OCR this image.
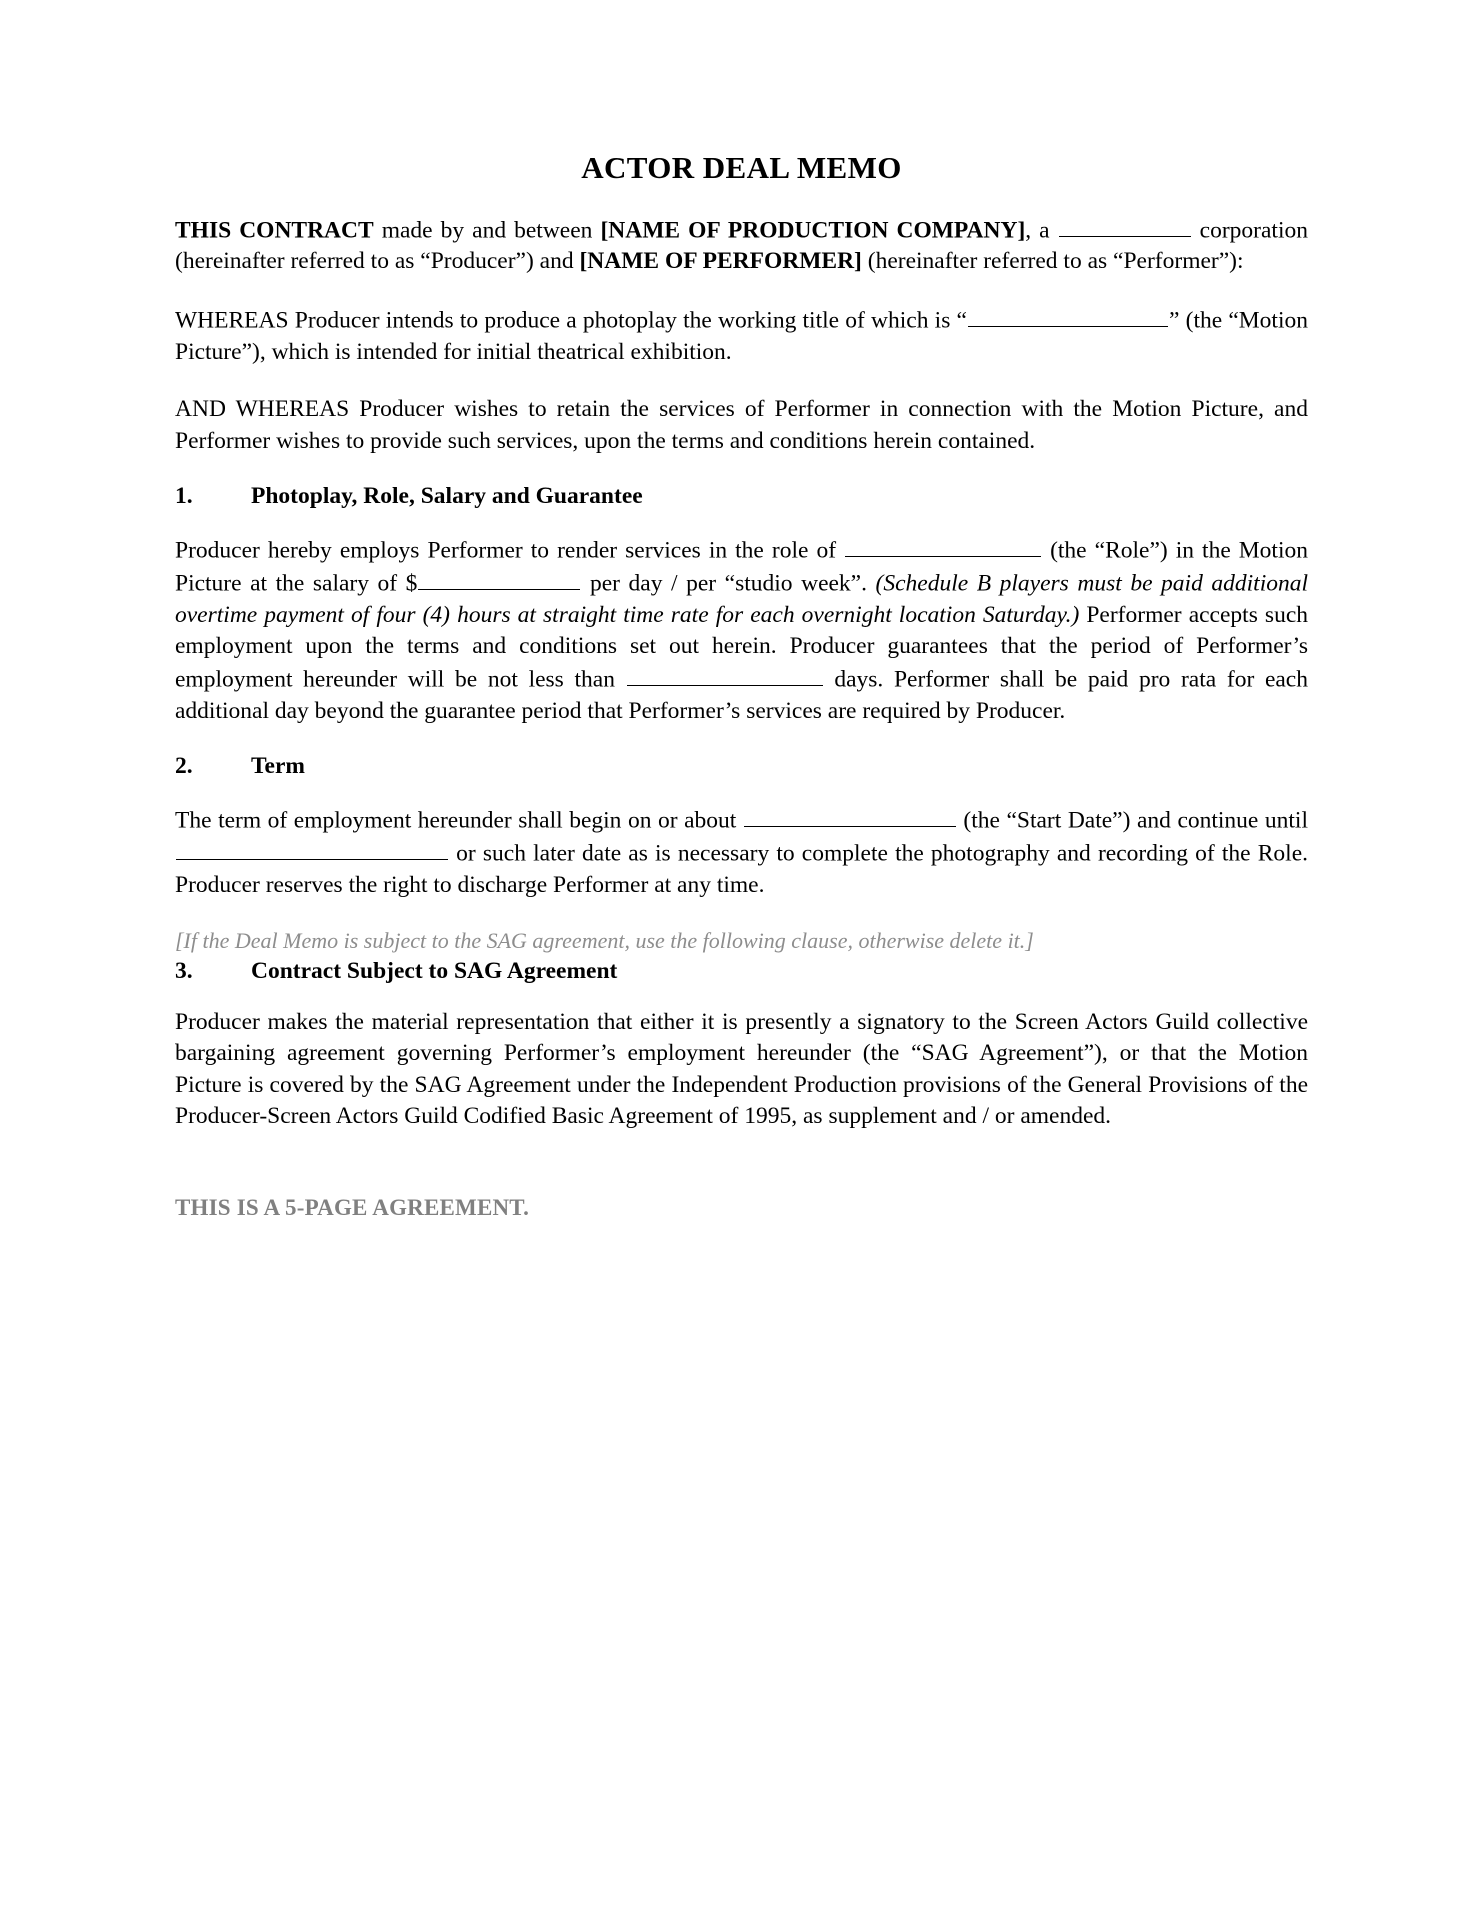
ACTOR DEAL MEMO

THIS CONTRACT made by and between [NAME OF PRODUCTION COMPANY], a	corporation (hereinafter referred to as “Producer”) and [NAME OF PERFORMER] (hereinafter referred to as “Performer”):

WHEREAS Producer intends to produce a photoplay the working title of which is “	” (the “Motion Picture”), which is intended for initial theatrical exhibition.

AND WHEREAS Producer wishes to retain the services of Performer in connection with the Motion Picture, and Performer wishes to provide such services, upon the terms and conditions herein contained.

1.	Photoplay, Role, Salary and Guarantee

Producer hereby employs Performer to render services in the role of	(the “Role”) in the Motion Picture at the salary of $	per day / per “studio week”. (Schedule B players must be paid additional overtime payment of four (4) hours at straight time rate for each overnight location Saturday.) Performer accepts such employment upon the terms and conditions set out herein. Producer guarantees that the period of Performer’s employment hereunder will be not less than	days. Performer shall be paid pro rata for each additional day beyond the guarantee period that Performer’s services are required by Producer.

2.	Term

The term of employment hereunder shall begin on or about	(the “Start Date”) and continue until  or such later date as is necessary to complete the photography and recording of the Role. Producer reserves the right to discharge Performer at any time.

[If the Deal Memo is subject to the SAG agreement, use the following clause, otherwise delete it.]

3.	Contract Subject to SAG Agreement

Producer makes the material representation that either it is presently a signatory to the Screen Actors Guild collective bargaining agreement governing Performer’s employment hereunder (the “SAG Agreement”), or that the Motion Picture is covered by the SAG Agreement under the Independent Production provisions of the General Provisions of the Producer-Screen Actors Guild Codified Basic Agreement of 1995, as supplement and / or amended.

THIS IS A 5-PAGE AGREEMENT.
